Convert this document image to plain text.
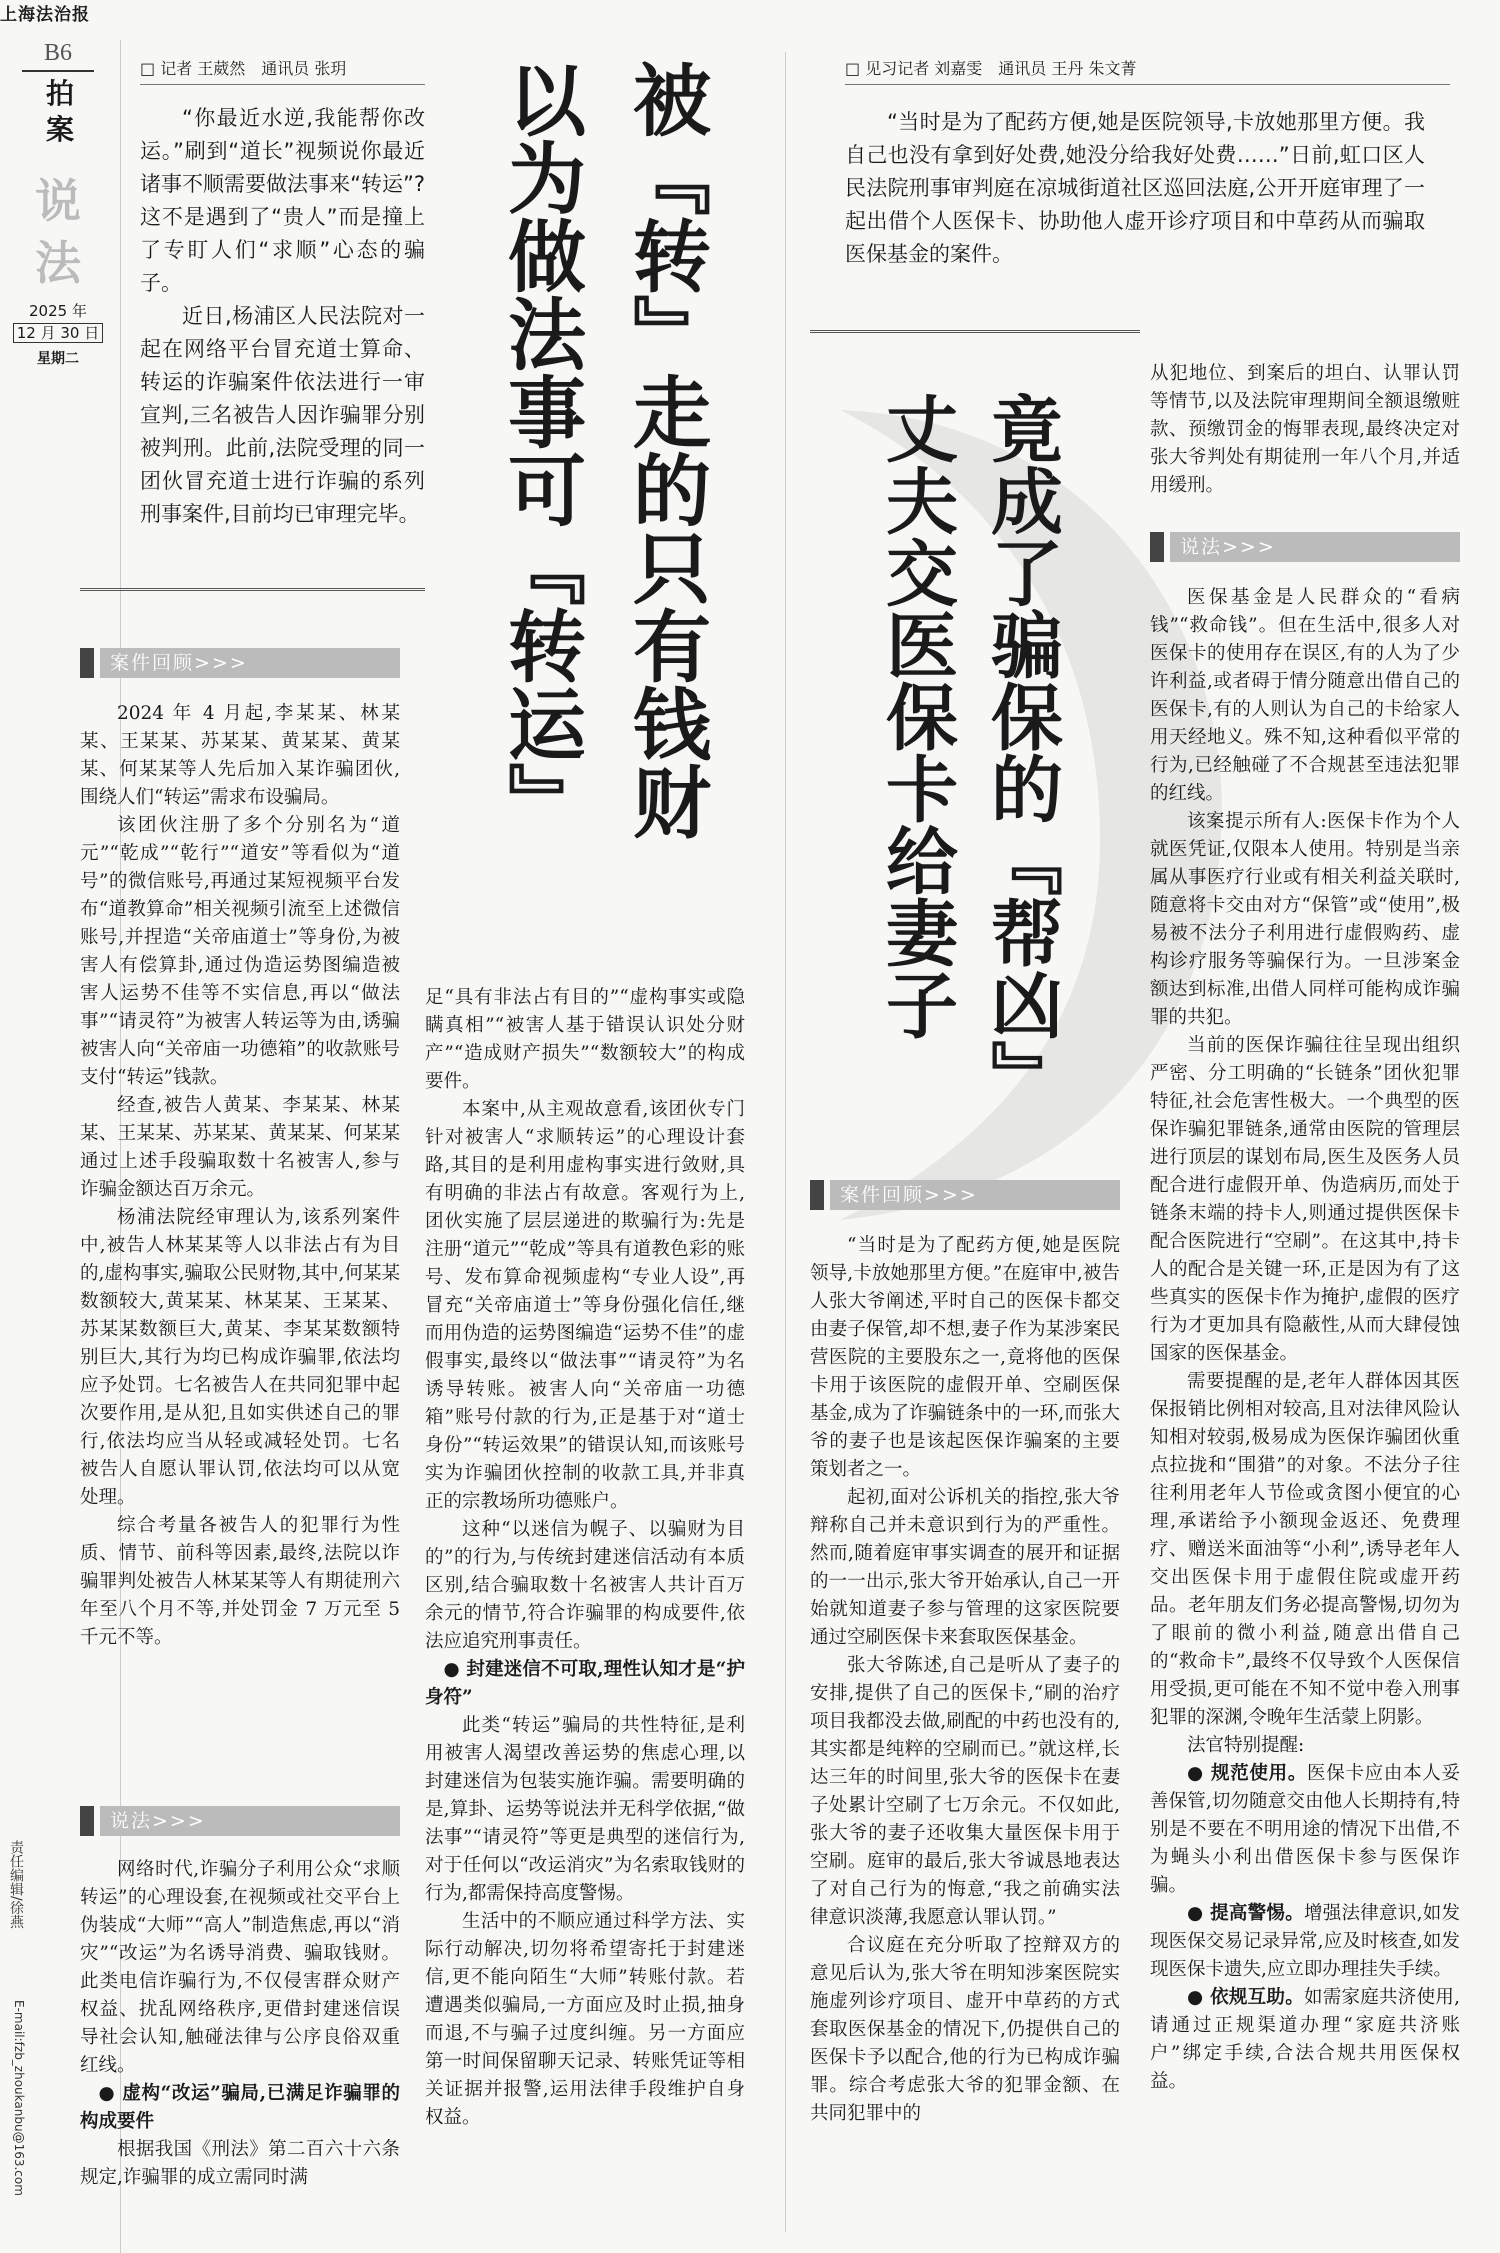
上海法治报
B6
拍案
说法
2025 年
12 月 30 日
星期二
责任编辑/徐燕
E-mail:fzb_zhoukanbu@163.com
□ 记者 王葳然　通讯员 张玥

“你最近水逆,我能帮你改运。”刷到“道长”视频说你最近诸事不顺需要做法事来“转运”?这不是遇到了“贵人”而是撞上了专盯人们“求顺”心态的骗子。

近日,杨浦区人民法院对一起在网络平台冒充道士算命、转运的诈骗案件依法进行一审宣判,三名被告人因诈骗罪分别被判刑。此前,法院受理的同一团伙冒充道士进行诈骗的系列刑事案件,目前均已审理完毕。	被『转』走的只有钱财
以为做法事可『转运』
案件回顾>>>

2024 年 4 月起,李某某、林某某、王某某、苏某某、黄某某、黄某某、何某某等人先后加入某诈骗团伙,围绕人们“转运”需求布设骗局。

该团伙注册了多个分别名为“道元”“乾成”“乾行”“道安”等看似为“道号”的微信账号,再通过某短视频平台发布“道教算命”相关视频引流至上述微信账号,并捏造“关帝庙道士”等身份,为被害人有偿算卦,通过伪造运势图编造被害人运势不佳等不实信息,再以“做法事”“请灵符”为被害人转运等为由,诱骗被害人向“关帝庙一功德箱”的收款账号支付“转运”钱款。

经查,被告人黄某、李某某、林某某、王某某、苏某某、黄某某、何某某通过上述手段骗取数十名被害人,参与诈骗金额达百万余元。

杨浦法院经审理认为,该系列案件中,被告人林某某等人以非法占有为目的,虚构事实,骗取公民财物,其中,何某某数额较大,黄某某、林某某、王某某、苏某某数额巨大,黄某、李某某数额特别巨大,其行为均已构成诈骗罪,依法均应予处罚。七名被告人在共同犯罪中起次要作用,是从犯,且如实供述自己的罪行,依法均应当从轻或减轻处罚。七名被告人自愿认罪认罚,依法均可以从宽处理。

综合考量各被告人的犯罪行为性质、情节、前科等因素,最终,法院以诈骗罪判处被告人林某某等人有期徒刑六年至八个月不等,并处罚金 7 万元至 5 千元不等。

说法>>>

网络时代,诈骗分子利用公众“求顺转运”的心理设套,在视频或社交平台上伪装成“大师”“高人”制造焦虑,再以“消灾”“改运”为名诱导消费、骗取钱财。此类电信诈骗行为,不仅侵害群众财产权益、扰乱网络秩序,更借封建迷信误导社会认知,触碰法律与公序良俗双重红线。

● 虚构“改运”骗局,已满足诈骗罪的构成要件

根据我国《刑法》第二百六十六条规定,诈骗罪的成立需同时满

足“具有非法占有目的”“虚构事实或隐瞒真相”“被害人基于错误认识处分财产”“造成财产损失”“数额较大”的构成要件。

本案中,从主观故意看,该团伙专门针对被害人“求顺转运”的心理设计套路,其目的是利用虚构事实进行敛财,具有明确的非法占有故意。客观行为上,团伙实施了层层递进的欺骗行为:先是注册“道元”“乾成”等具有道教色彩的账号、发布算命视频虚构“专业人设”,再冒充“关帝庙道士”等身份强化信任,继而用伪造的运势图编造“运势不佳”的虚假事实,最终以“做法事”“请灵符”为名诱导转账。被害人向“关帝庙一功德箱”账号付款的行为,正是基于对“道士身份”“转运效果”的错误认知,而该账号实为诈骗团伙控制的收款工具,并非真正的宗教场所功德账户。

这种“以迷信为幌子、以骗财为目的”的行为,与传统封建迷信活动有本质区别,结合骗取数十名被害人共计百万余元的情节,符合诈骗罪的构成要件,依法应追究刑事责任。

● 封建迷信不可取,理性认知才是“护身符”

此类“转运”骗局的共性特征,是利用被害人渴望改善运势的焦虑心理,以封建迷信为包装实施诈骗。需要明确的是,算卦、运势等说法并无科学依据,“做法事”“请灵符”等更是典型的迷信行为,对于任何以“改运消灾”为名索取钱财的行为,都需保持高度警惕。

生活中的不顺应通过科学方法、实际行动解决,切勿将希望寄托于封建迷信,更不能向陌生“大师”转账付款。若遭遇类似骗局,一方面应及时止损,抽身而退,不与骗子过度纠缠。另一方面应第一时间保留聊天记录、转账凭证等相关证据并报警,运用法律手段维护自身权益。

□ 见习记者 刘嘉雯　通讯员 王丹 朱文菁

“当时是为了配药方便,她是医院领导,卡放她那里方便。我自己也没有拿到好处费,她没分给我好处费……”日前,虹口区人民法院刑事审判庭在凉城街道社区巡回法庭,公开开庭审理了一起出借个人医保卡、协助他人虚开诊疗项目和中草药从而骗取医保基金的案件。

竟成了骗保的『帮凶』
丈夫交医保卡给妻子
案件回顾>>>

“当时是为了配药方便,她是医院领导,卡放她那里方便。”在庭审中,被告人张大爷阐述,平时自己的医保卡都交由妻子保管,却不想,妻子作为某涉案民营医院的主要股东之一,竟将他的医保卡用于该医院的虚假开单、空刷医保基金,成为了诈骗链条中的一环,而张大爷的妻子也是该起医保诈骗案的主要策划者之一。

起初,面对公诉机关的指控,张大爷辩称自己并未意识到行为的严重性。然而,随着庭审事实调查的展开和证据的一一出示,张大爷开始承认,自己一开始就知道妻子参与管理的这家医院要通过空刷医保卡来套取医保基金。

张大爷陈述,自己是听从了妻子的安排,提供了自己的医保卡,“刷的治疗项目我都没去做,刷配的中药也没有的,其实都是纯粹的空刷而已。”就这样,长达三年的时间里,张大爷的医保卡在妻子处累计空刷了七万余元。不仅如此,张大爷的妻子还收集大量医保卡用于空刷。庭审的最后,张大爷诚恳地表达了对自己行为的悔意,“我之前确实法律意识淡薄,我愿意认罪认罚。”

合议庭在充分听取了控辩双方的意见后认为,张大爷在明知涉案医院实施虚列诊疗项目、虚开中草药的方式套取医保基金的情况下,仍提供自己的医保卡予以配合,他的行为已构成诈骗罪。综合考虑张大爷的犯罪金额、在共同犯罪中的

从犯地位、到案后的坦白、认罪认罚等情节,以及法院审理期间全额退缴赃款、预缴罚金的悔罪表现,最终决定对张大爷判处有期徒刑一年八个月,并适用缓刑。

说法>>>

医保基金是人民群众的“看病钱”“救命钱”。但在生活中,很多人对医保卡的使用存在误区,有的人为了少许利益,或者碍于情分随意出借自己的医保卡,有的人则认为自己的卡给家人用天经地义。殊不知,这种看似平常的行为,已经触碰了不合规甚至违法犯罪的红线。

该案提示所有人:医保卡作为个人就医凭证,仅限本人使用。特别是当亲属从事医疗行业或有相关利益关联时,随意将卡交由对方“保管”或“使用”,极易被不法分子利用进行虚假购药、虚构诊疗服务等骗保行为。一旦涉案金额达到标准,出借人同样可能构成诈骗罪的共犯。

当前的医保诈骗往往呈现出组织严密、分工明确的“长链条”团伙犯罪特征,社会危害性极大。一个典型的医保诈骗犯罪链条,通常由医院的管理层进行顶层的谋划布局,医生及医务人员配合进行虚假开单、伪造病历,而处于链条末端的持卡人,则通过提供医保卡配合医院进行“空刷”。在这其中,持卡人的配合是关键一环,正是因为有了这些真实的医保卡作为掩护,虚假的医疗行为才更加具有隐蔽性,从而大肆侵蚀国家的医保基金。

需要提醒的是,老年人群体因其医保报销比例相对较高,且对法律风险认知相对较弱,极易成为医保诈骗团伙重点拉拢和“围猎”的对象。不法分子往往利用老年人节俭或贪图小便宜的心理,承诺给予小额现金返还、免费理疗、赠送米面油等“小利”,诱导老年人交出医保卡用于虚假住院或虚开药品。老年朋友们务必提高警惕,切勿为了眼前的微小利益,随意出借自己的“救命卡”,最终不仅导致个人医保信用受损,更可能在不知不觉中卷入刑事犯罪的深渊,令晚年生活蒙上阴影。

法官特别提醒:

● 规范使用。医保卡应由本人妥善保管,切勿随意交由他人长期持有,特别是不要在不明用途的情况下出借,不为蝇头小利出借医保卡参与医保诈骗。

● 提高警惕。增强法律意识,如发现医保交易记录异常,应及时核查,如发现医保卡遗失,应立即办理挂失手续。

● 依规互助。如需家庭共济使用,请通过正规渠道办理“家庭共济账户”绑定手续,合法合规共用医保权益。
